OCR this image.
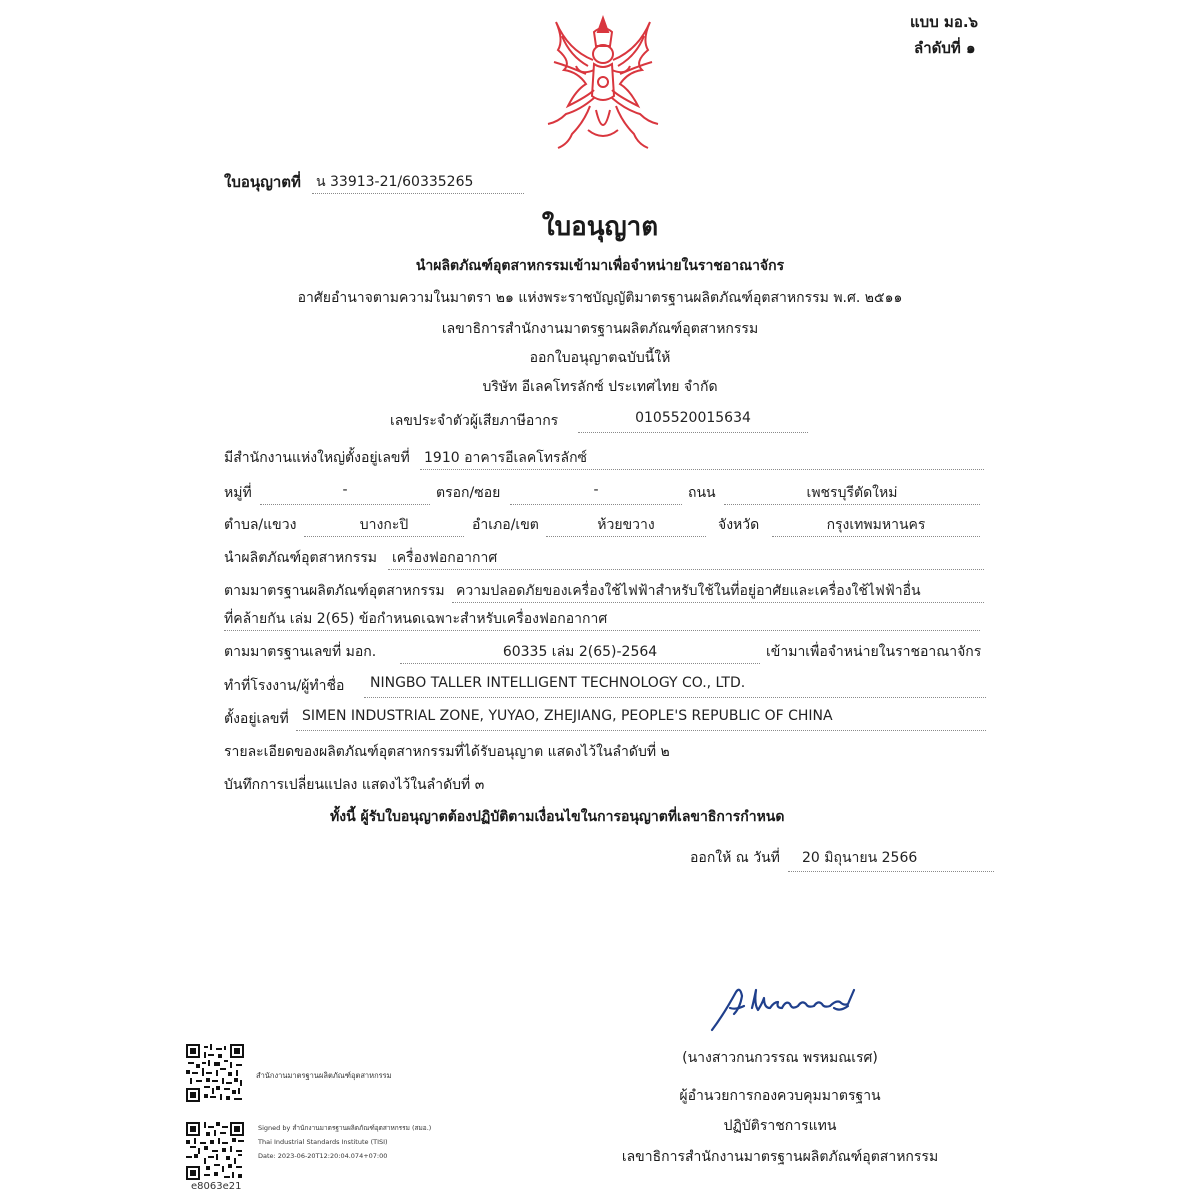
แบบ มอ.๖
ลำดับที่ ๑
ใบอนุญาตที่ น 33913-21/60335265
ใบอนุญาต
นำผลิตภัณฑ์อุตสาหกรรมเข้ามาเพื่อจำหน่ายในราชอาณาจักร
อาศัยอำนาจตามความในมาตรา ๒๑ แห่งพระราชบัญญัติมาตรฐานผลิตภัณฑ์อุตสาหกรรม พ.ศ. ๒๕๑๑
เลขาธิการสำนักงานมาตรฐานผลิตภัณฑ์อุตสาหกรรม
ออกใบอนุญาตฉบับนี้ให้
บริษัท อีเลคโทรลักซ์ ประเทศไทย จำกัด
เลขประจำตัวผู้เสียภาษีอากร	0105520015634
มีสำนักงานแห่งใหญ่ตั้งอยู่เลขที่ 1910 อาคารอีเลคโทรลักซ์
หมู่ที่	-	ตรอก/ซอย	-	ถนน	เพชรบุรีตัดใหม่
ตำบล/แขวง	บางกะปิ	อำเภอ/เขต	ห้วยขวาง	จังหวัด	กรุงเทพมหานคร
นำผลิตภัณฑ์อุตสาหกรรม เครื่องฟอกอากาศ
ตามมาตรฐานผลิตภัณฑ์อุตสาหกรรม ความปลอดภัยของเครื่องใช้ไฟฟ้าสำหรับใช้ในที่อยู่อาศัยและเครื่องใช้ไฟฟ้าอื่น
ที่คล้ายกัน เล่ม 2(65) ข้อกำหนดเฉพาะสำหรับเครื่องฟอกอากาศ
ตามมาตรฐานเลขที่ มอก.	60335 เล่ม 2(65)-2564	เข้ามาเพื่อจำหน่ายในราชอาณาจักร
ทำที่โรงงาน/ผู้ทำชื่อ	NINGBO TALLER INTELLIGENT TECHNOLOGY CO., LTD.
ตั้งอยู่เลขที่ SIMEN INDUSTRIAL ZONE, YUYAO, ZHEJIANG, PEOPLE'S REPUBLIC OF CHINA
รายละเอียดของผลิตภัณฑ์อุตสาหกรรมที่ได้รับอนุญาต แสดงไว้ในลำดับที่ ๒
บันทึกการเปลี่ยนแปลง แสดงไว้ในลำดับที่ ๓
ทั้งนี้ ผู้รับใบอนุญาตต้องปฏิบัติตามเงื่อนไขในการอนุญาตที่เลขาธิการกำหนด
ออกให้ ณ วันที่	20 มิถุนายน 2566
(นางสาวกนกวรรณ พรหมณเรศ)
ผู้อำนวยการกองควบคุมมาตรฐาน
ปฏิบัติราชการแทน
เลขาธิการสำนักงานมาตรฐานผลิตภัณฑ์อุตสาหกรรม
สำนักงานมาตรฐานผลิตภัณฑ์อุตสาหกรรม
Signed by สำนักงานมาตรฐานผลิตภัณฑ์อุตสาหกรรม (สมอ.)
Thai Industrial Standards Institute (TISI)
Date: 2023-06-20T12:20:04.074+07:00
e8063e21
